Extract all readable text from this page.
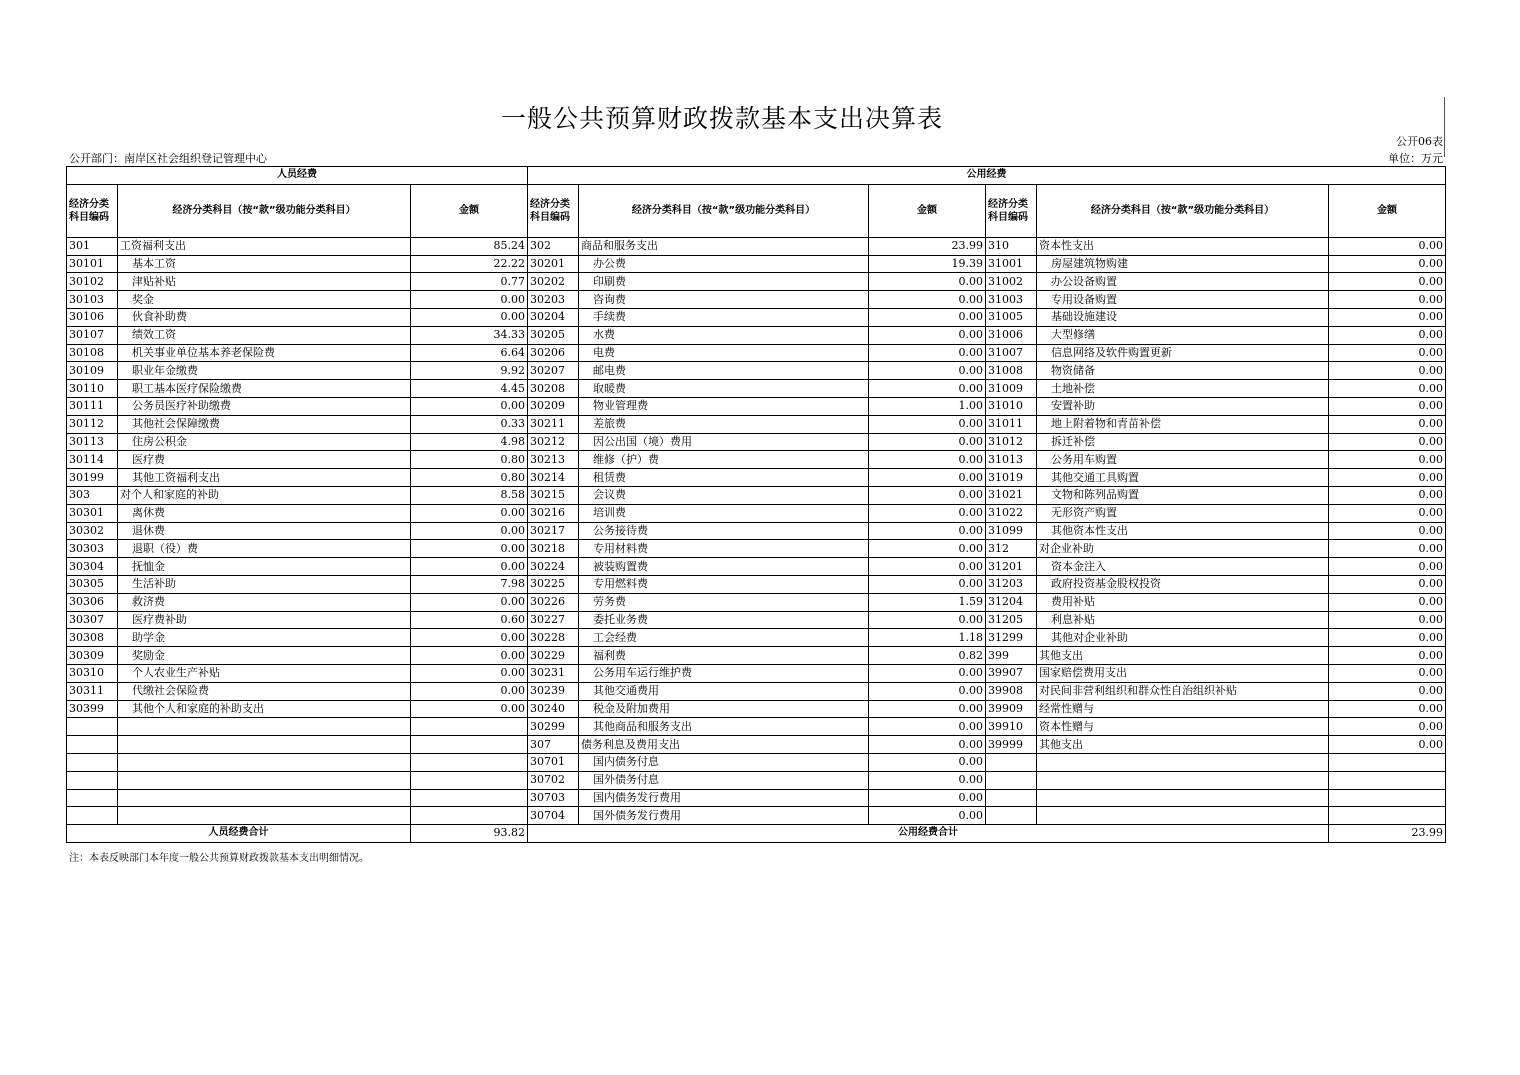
一般公共预算财政拨款基本支出决算表
公开06表
公开部门：南岸区社会组织登记管理中心	单位：万元
人员经费			公用经费					
经济分类科目编码	经济分类科目（按“款”级功能分类科目）	金额	经济分类科目编码	经济分类科目（按“款”级功能分类科目）	金额	经济分类科目编码	经济分类科目（按“款”级功能分类科目）	金额
301	工资福利支出	85.24	302	商品和服务支出	23.99	310	资本性支出	0.00
30101	基本工资	22.22	30201	办公费	19.39	31001	房屋建筑物购建	0.00
30102	津贴补贴	0.77	30202	印刷费	0.00	31002	办公设备购置	0.00
30103	奖金	0.00	30203	咨询费	0.00	31003	专用设备购置	0.00
30106	伙食补助费	0.00	30204	手续费	0.00	31005	基础设施建设	0.00
30107	绩效工资	34.33	30205	水费	0.00	31006	大型修缮	0.00
30108	机关事业单位基本养老保险费	6.64	30206	电费	0.00	31007	信息网络及软件购置更新	0.00
30109	职业年金缴费	9.92	30207	邮电费	0.00	31008	物资储备	0.00
30110	职工基本医疗保险缴费	4.45	30208	取暖费	0.00	31009	土地补偿	0.00
30111	公务员医疗补助缴费	0.00	30209	物业管理费	1.00	31010	安置补助	0.00
30112	其他社会保障缴费	0.33	30211	差旅费	0.00	31011	地上附着物和青苗补偿	0.00
30113	住房公积金	4.98	30212	因公出国（境）费用	0.00	31012	拆迁补偿	0.00
30114	医疗费	0.80	30213	维修（护）费	0.00	31013	公务用车购置	0.00
30199	其他工资福利支出	0.80	30214	租赁费	0.00	31019	其他交通工具购置	0.00
303	对个人和家庭的补助	8.58	30215	会议费	0.00	31021	文物和陈列品购置	0.00
30301	离休费	0.00	30216	培训费	0.00	31022	无形资产购置	0.00
30302	退休费	0.00	30217	公务接待费	0.00	31099	其他资本性支出	0.00
30303	退职（役）费	0.00	30218	专用材料费	0.00	312	对企业补助	0.00
30304	抚恤金	0.00	30224	被装购置费	0.00	31201	资本金注入	0.00
30305	生活补助	7.98	30225	专用燃料费	0.00	31203	政府投资基金股权投资	0.00
30306	救济费	0.00	30226	劳务费	1.59	31204	费用补贴	0.00
30307	医疗费补助	0.60	30227	委托业务费	0.00	31205	利息补贴	0.00
30308	助学金	0.00	30228	工会经费	1.18	31299	其他对企业补助	0.00
30309	奖励金	0.00	30229	福利费	0.82	399	其他支出	0.00
30310	个人农业生产补贴	0.00	30231	公务用车运行维护费	0.00	39907	国家赔偿费用支出	0.00
30311	代缴社会保险费	0.00	30239	其他交通费用	0.00	39908	对民间非营利组织和群众性自治组织补贴	0.00
30399	其他个人和家庭的补助支出	0.00	30240	税金及附加费用	0.00	39909	经常性赠与	0.00
			30299	其他商品和服务支出	0.00	39910	资本性赠与	0.00
			307	债务利息及费用支出	0.00	39999	其他支出	0.00
			30701	国内债务付息	0.00			
			30702	国外债务付息	0.00			
			30703	国内债务发行费用	0.00			
			30704	国外债务发行费用	0.00			
人员经费合计		93.82	公用经费合计					23.99
注：本表反映部门本年度一般公共预算财政拨款基本支出明细情况。
